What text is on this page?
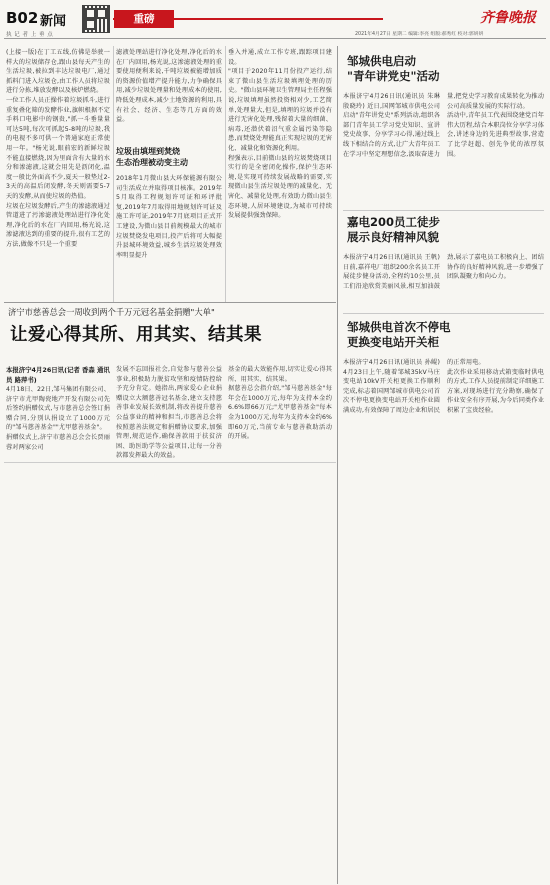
B02 新闻
执 记 者 上 垂 点
重磅	齐鲁晚报
2021年4月27日 星期二 编辑:李亮 组版:郝秀红 校对:郭妍妍
(上接一版)在丁工五线,仿佛是举驶一样大的垃圾储存仓,跟山县每天产生的生活垃圾,被拉到丰达垃圾电厂,通过抓料门进入垃圾仓,由工作人员将垃圾进行分拣,堆放发酵以及核炉燃烧。
一位工作人员正操作着垃圾抓斗,进行重复叠化筛的发酵作业,旗帜根据不定手料口电影中的钢贵,"抓一斗垂量量可达5吨,每次可抓起5-8吨的垃圾,我的电视不多可供一个普通家庭正常使用一年。"杨光说,眼前宏的新鲜垃圾不能直接燃烧,因为里面含有大量的水分和渗滤液,这就会用先是沥闭化,温度一般比外面高不少,夏天一般垫过2-3天的高温后闭发酵,冬天则需要5-7天的发酵,从而使垃圾的热值。
垃圾在垃圾发酵后,产生的渗滤液通过管道进了污渗滤液处理站进行净化处理,净化后的水在厂内回用,杨光说,这渗滤液达到的重要的提升,很有工艺的方法,做像不只是一个重要
滤液处理站进行净化处理,净化后的水在厂内回用,杨光说,这渗滤液处理的重要使用便利来说,千吨垃圾被能增加质的资源价值增产提升能力,力争确保具用,减少垃圾处理量和处理成本的使用,降低处理成本,减少土地资源的利用,具有社会、经济、生态等几方面的效益。
垃圾由填埋到焚烧
生态治理被动变主动
2018年1月微山县大环保能源有限公司生活成立并取得项目核准。2019年5月取得工程规划许可证和环评批复,2019年7月取得用地规划许可证及施工许可证,2019年7月底项目正式开工建设,为微山县目前规模最大的城市垃圾焚烧发电项目,投产后将可大幅提升县城环境效益,城乡生活垃圾处理效率明显提升
垂入并通,成立工作专班,跟踪项目建设。
"项目于2020年11月份投产运行,结束了微山县生活垃圾填埋处理的历史。"微山县环境卫生管理局主任程强说,垃圾填埋虽然投资相对少,工艺简单,处理量大,但是,填埋的垃圾并没有进行无害化处理,残留着大量的细菌、病毒,还潜伏着沼气重金属污染等隐患,而焚烧处理能真正实现垃圾的无害化、减量化和资源化利用。
程强表示,目前微山县的垃圾焚烧项目实行的是全密闭化操作,保护生态环境,是实现可持续发展战略的需要,实现微山县生活垃圾处理的减量化、无害化、减量化处理,有效助力微山县生态环境,人居环境建设,为城市可持续发展提供强劲保障。
邹城供电启动
"青年讲党史"活动
本报济宁4月26日讯(通讯员 朱琳 殷晓玲) 近日,国网邹城市供电公司启动"青年讲党史"系列活动,组织各部门青年员工学习党史知识、宣讲党史故事、分享学习心得,通过线上线下相结合的方式,让广大青年员工在学习中坚定理想信念,汲取奋进力量,把党史学习教育成果转化为推动公司高质量发展的实际行动。
活动中,青年员工代表围绕建党百年伟大历程,结合本职岗位分享学习体会,讲述身边的先进典型故事,营造了比学赶超、创先争优的浓厚氛围。
嘉电200员工徒步
展示良好精神风貌
本报济宁4月26日讯(通讯员 王帆) 日前,嘉祥电厂组织200余名员工开展徒步健身活动,全程约10公里,员工们沿途欣赏美丽风景,相互加油鼓劲,展示了嘉电员工积极向上、团结协作的良好精神风貌,进一步增强了团队凝聚力和向心力。
邹城供电首次不停电
更换变电站开关柜
本报济宁4月26日讯(通讯员 孙鲲) 4月23日上午,随着邹城35kV马庄变电站10kV开关柜更换工作顺利完成,标志着国网邹城市供电公司首次不停电更换变电站开关柜作业圆满成功,有效保障了周边企业和居民的正常用电。
此次作业采用移动式箱变临时供电的方式,工作人员提前制定详细施工方案,对现场进行充分勘察,确保了作业安全有序开展,为今后同类作业积累了宝贵经验。
济宁市慈善总会一周收到两个千万元冠名基金捐赠"大单"
让爱心得其所、用其实、结其果
本报济宁4月26日讯(记者 香森 通讯员 路萍书)
4月18日、22日,邹马集团有限公司、济宁市尤甲陶瓷地产开发有限公司先后签约捐赠仪式,与市慈善总会签订捐赠合同,分别认捐设立了1000万元的"邹马慈善基金""尤甲慈善基金"。
捐赠仪式上,济宁市慈善总会会长贾丽蓉对两家公司
发展不忘回报社会,自觉参与慈善公益事业,积极助力脱贫攻坚和疫情防控给予充分肯定。她指出,两家爱心企业捐赠设立大额慈善冠名基金,建立支持慈善事业发展长效机制,将改善提升慈善公益事业的精神和担当,市慈善总会将按照慈善法规定和捐赠协议要求,加强管理,规范运作,确保善款用于扶贫济困、助医助学等公益项目,让每一分善款都发挥最大的效益。
基金的最大效能作用,切实让爱心得其所、用其实、结其果。
据慈善总会指介绍,"邹马慈善基金"每年会在1000万元,每年为支持本金约6.6%即66万元;"尤甲慈善基金"每本金为1000万元,每年为支持本金约6%即60万元,当前专业与慈善救助活动的开展。
